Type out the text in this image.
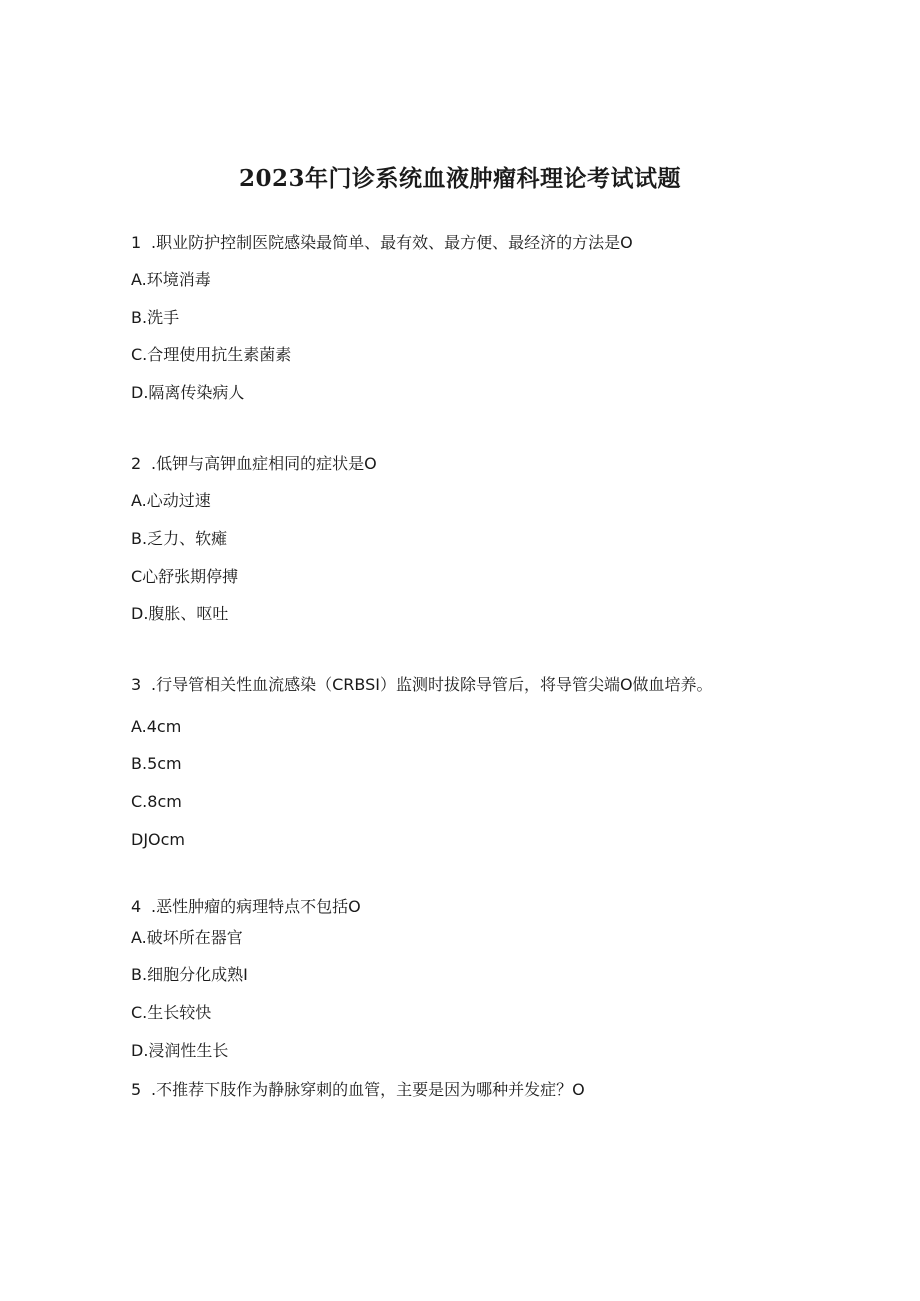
2023年门诊系统血液肿瘤科理论考试试题
1 .职业防护控制医院感染最简单、最有效、最方便、最经济的方法是O
A.环境消毒
B.洗手
C.合理使用抗生素菌素
D.隔离传染病人
2 .低钾与高钾血症相同的症状是O
A.心动过速
B.乏力、软瘫
C心舒张期停搏
D.腹胀、呕吐
3 .行导管相关性血流感染（CRBSI）监测时拔除导管后，将导管尖端O做血培养。
A.4cm
B.5cm
C.8cm
DJOcm
4 .恶性肿瘤的病理特点不包括O
A.破坏所在器官
B.细胞分化成熟I
C.生长较快
D.浸润性生长
5 .不推荐下肢作为静脉穿刺的血管，主要是因为哪种并发症？O
